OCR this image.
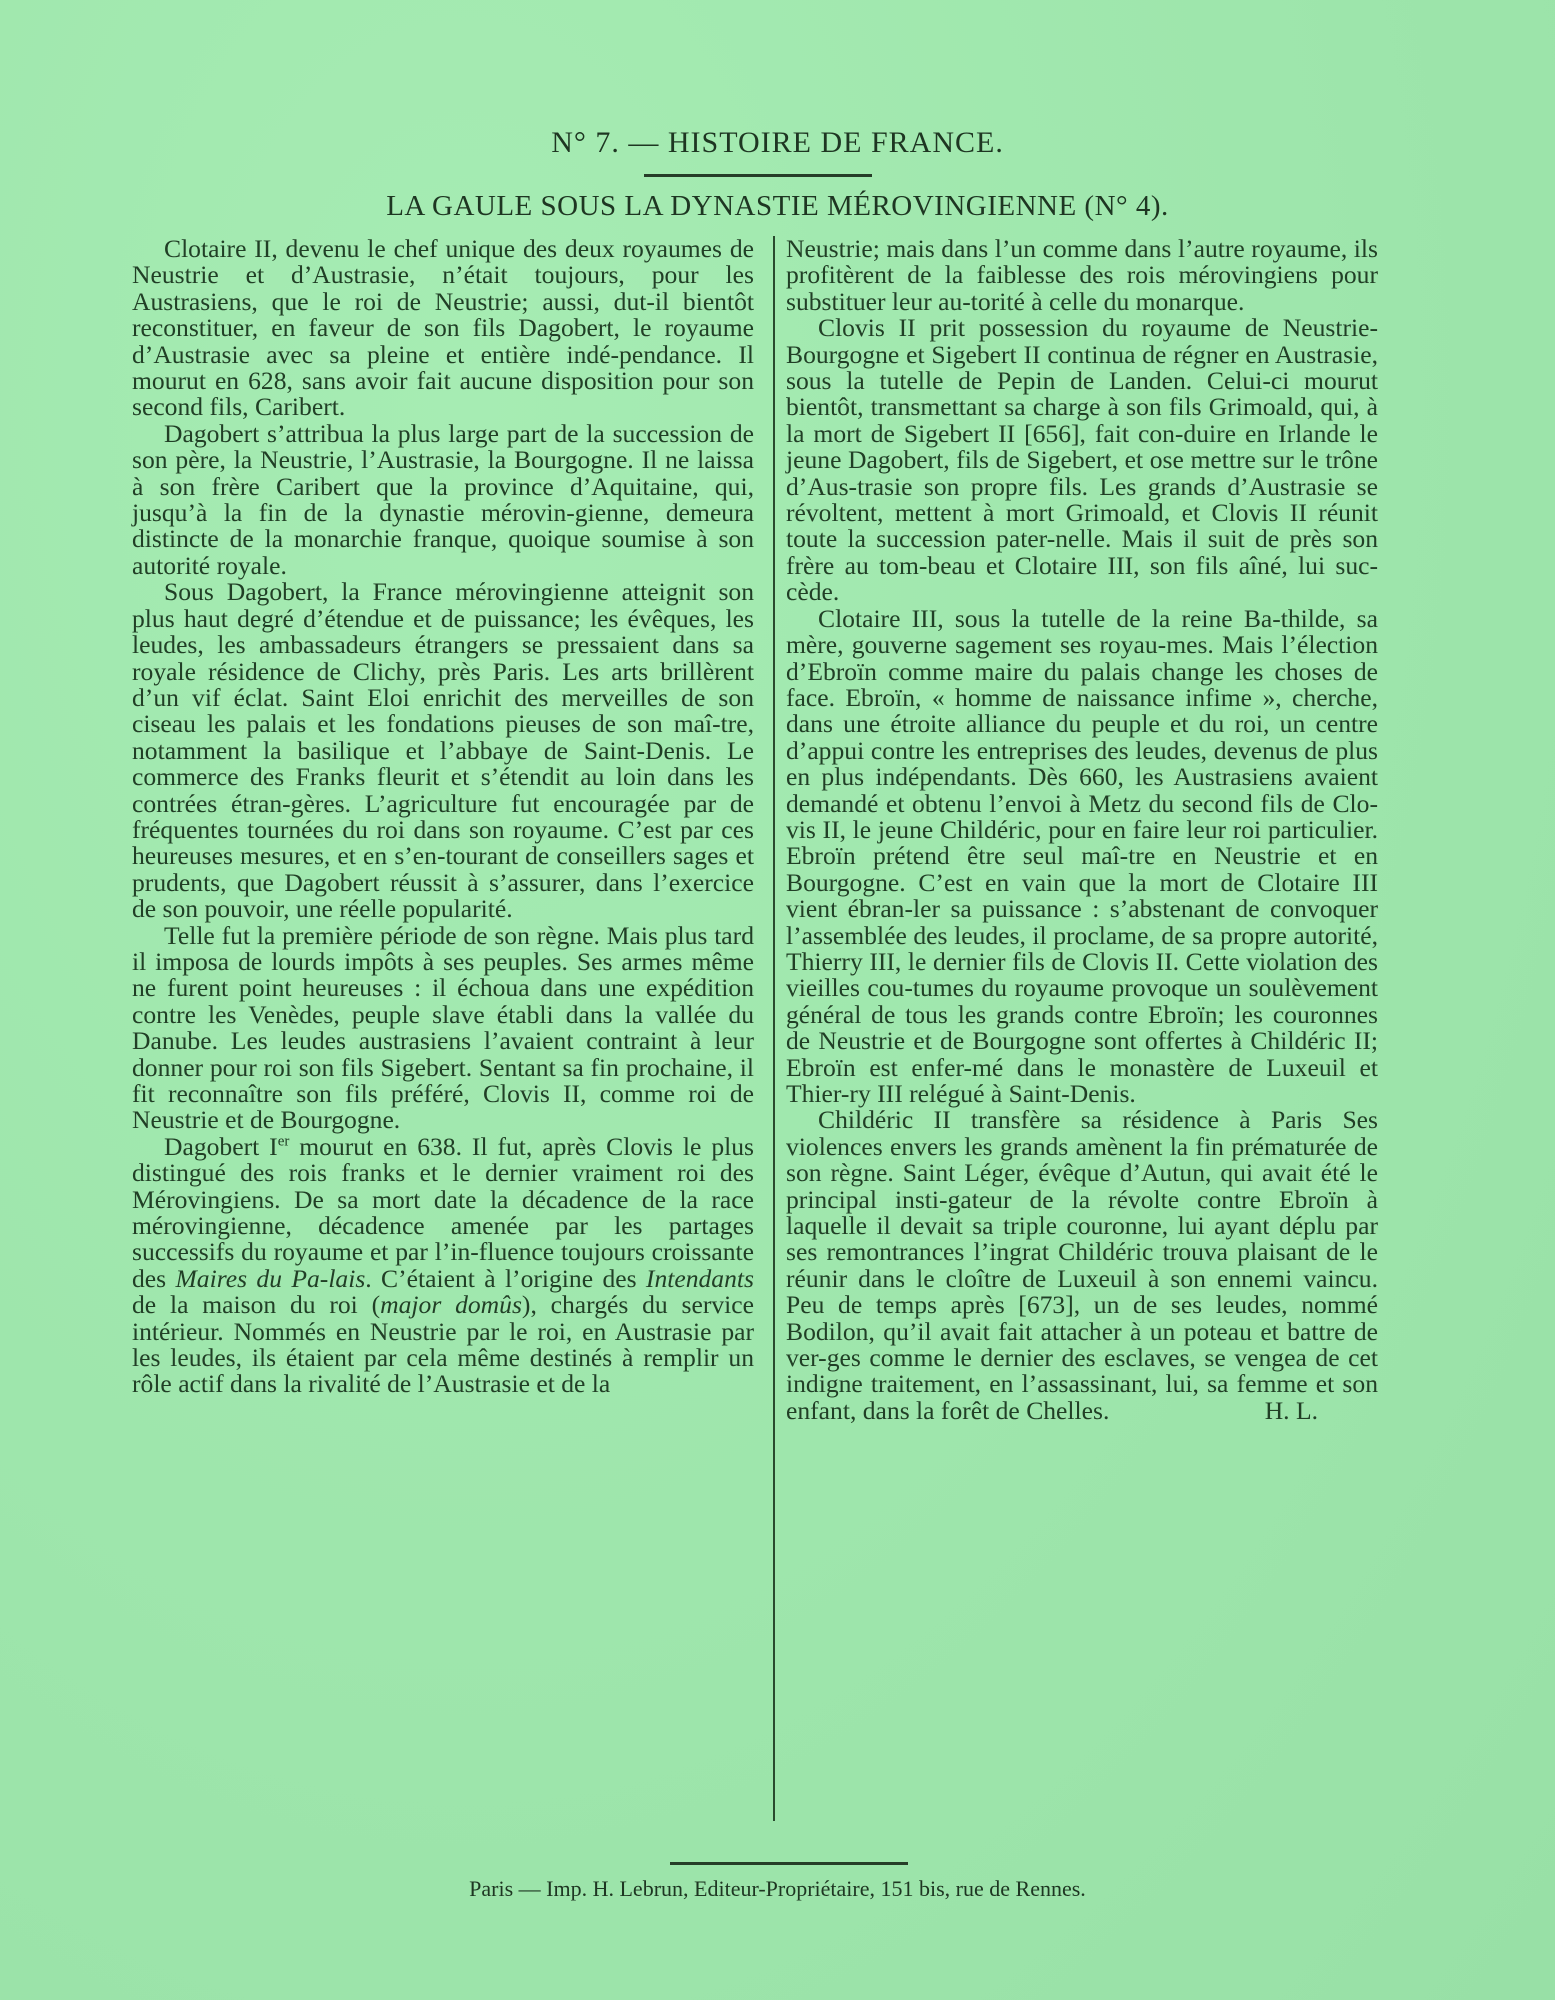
N° 7. — HISTOIRE DE FRANCE.
LA GAULE SOUS LA DYNASTIE MÉROVINGIENNE (N° 4).

Clotaire II, devenu le chef unique des deux royaumes de Neustrie et d’Austrasie, n’était toujours, pour les Austrasiens, que le roi de Neustrie; aussi, dut-il bientôt reconstituer, en faveur de son fils Dagobert, le royaume d’Austrasie avec sa pleine et entière indé-pendance. Il mourut en 628, sans avoir fait aucune disposition pour son second fils, Caribert.

Dagobert s’attribua la plus large part de la succession de son père, la Neustrie, l’Austrasie, la Bourgogne. Il ne laissa à son frère Caribert que la province d’Aquitaine, qui, jusqu’à la fin de la dynastie mérovin-gienne, demeura distincte de la monarchie franque, quoique soumise à son autorité royale.

Sous Dagobert, la France mérovingienne atteignit son plus haut degré d’étendue et de puissance; les évêques, les leudes, les ambassadeurs étrangers se pressaient dans sa royale résidence de Clichy, près Paris. Les arts brillèrent d’un vif éclat. Saint Eloi enrichit des merveilles de son ciseau les palais et les fondations pieuses de son maî-tre, notamment la basilique et l’abbaye de Saint-Denis. Le commerce des Franks fleurit et s’étendit au loin dans les contrées étran-gères. L’agriculture fut encouragée par de fréquentes tournées du roi dans son royaume. C’est par ces heureuses mesures, et en s’en-tourant de conseillers sages et prudents, que Dagobert réussit à s’assurer, dans l’exercice de son pouvoir, une réelle popularité.

Telle fut la première période de son règne. Mais plus tard il imposa de lourds impôts à ses peuples. Ses armes même ne furent point heureuses : il échoua dans une expédition contre les Venèdes, peuple slave établi dans la vallée du Danube. Les leudes austrasiens l’avaient contraint à leur donner pour roi son fils Sigebert. Sentant sa fin prochaine, il fit reconnaître son fils préféré, Clovis II, comme roi de Neustrie et de Bourgogne.

Dagobert Ier mourut en 638. Il fut, après Clovis le plus distingué des rois franks et le dernier vraiment roi des Mérovingiens. De sa mort date la décadence de la race mérovingienne, décadence amenée par les partages successifs du royaume et par l’in-fluence toujours croissante des Maires du Pa-lais. C’étaient à l’origine des Intendants de la maison du roi (major domûs), chargés du service intérieur. Nommés en Neustrie par le roi, en Austrasie par les leudes, ils étaient par cela même destinés à remplir un rôle actif dans la rivalité de l’Austrasie et de la

Neustrie; mais dans l’un comme dans l’autre royaume, ils profitèrent de la faiblesse des rois mérovingiens pour substituer leur au-torité à celle du monarque.

Clovis II prit possession du royaume de Neustrie-Bourgogne et Sigebert II continua de régner en Austrasie, sous la tutelle de Pepin de Landen. Celui-ci mourut bientôt, transmettant sa charge à son fils Grimoald, qui, à la mort de Sigebert II [656], fait con-duire en Irlande le jeune Dagobert, fils de Sigebert, et ose mettre sur le trône d’Aus-trasie son propre fils. Les grands d’Austrasie se révoltent, mettent à mort Grimoald, et Clovis II réunit toute la succession pater-nelle. Mais il suit de près son frère au tom-beau et Clotaire III, son fils aîné, lui suc-cède.

Clotaire III, sous la tutelle de la reine Ba-thilde, sa mère, gouverne sagement ses royau-mes. Mais l’élection d’Ebroïn comme maire du palais change les choses de face. Ebroïn, « homme de naissance infime », cherche, dans une étroite alliance du peuple et du roi, un centre d’appui contre les entreprises des leudes, devenus de plus en plus indépendants. Dès 660, les Austrasiens avaient demandé et obtenu l’envoi à Metz du second fils de Clo-vis II, le jeune Childéric, pour en faire leur roi particulier. Ebroïn prétend être seul maî-tre en Neustrie et en Bourgogne. C’est en vain que la mort de Clotaire III vient ébran-ler sa puissance : s’abstenant de convoquer l’assemblée des leudes, il proclame, de sa propre autorité, Thierry III, le dernier fils de Clovis II. Cette violation des vieilles cou-tumes du royaume provoque un soulèvement général de tous les grands contre Ebroïn; les couronnes de Neustrie et de Bourgogne sont offertes à Childéric II; Ebroïn est enfer-mé dans le monastère de Luxeuil et Thier-ry III relégué à Saint-Denis.

Childéric II transfère sa résidence à Paris Ses violences envers les grands amènent la fin prématurée de son règne. Saint Léger, évêque d’Autun, qui avait été le principal insti-gateur de la révolte contre Ebroïn à laquelle il devait sa triple couronne, lui ayant déplu par ses remontrances l’ingrat Childéric trouva plaisant de le réunir dans le cloître de Luxeuil à son ennemi vaincu. Peu de temps après [673], un de ses leudes, nommé Bodilon, qu’il avait fait attacher à un poteau et battre de ver-ges comme le dernier des esclaves, se vengea de cet indigne traitement, en l’assassinant, lui, sa femme et son enfant, dans la forêt de Chelles.	H. L.
Paris — Imp. H. Lebrun, Editeur-Propriétaire, 151 bis, rue de Rennes.
